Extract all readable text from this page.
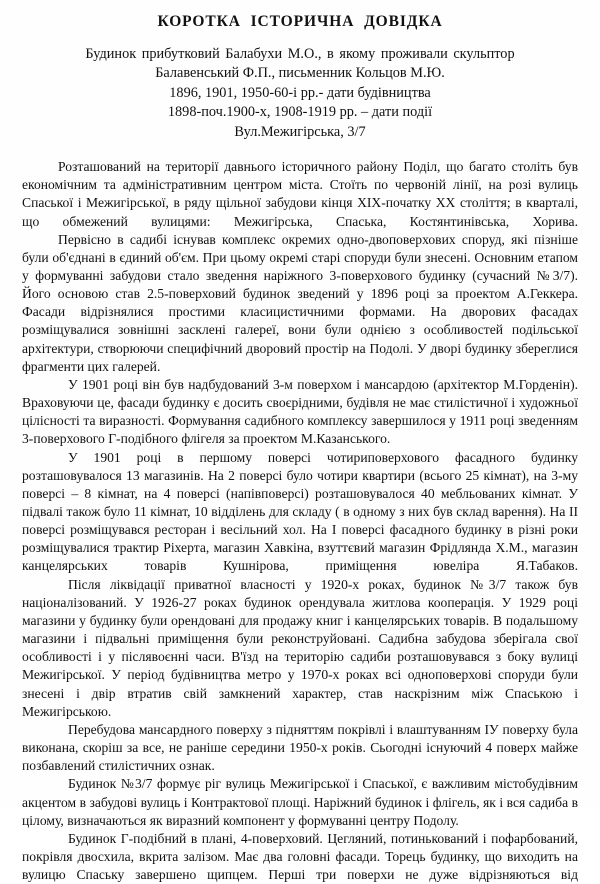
КОРОТКА ІСТОРИЧНА ДОВІДКА
Будинок прибутковий Балабухи М.О., в якому проживали скульптор
Балавенський Ф.П., письменник Кольцов М.Ю.
1896, 1901, 1950-60-і рр.- дати будівництва
1898-поч.1900-х, 1908-1919 рр. – дати події
Вул.Межигірська, 3/7

Розташований на території давнього історичного району Поділ, що багато століть був економічним та адміністративним центром міста. Стоїть по червоній лінії, на розі вулиць Спаської і Межигірської, в ряду щільної забудови кінця XIX-початку XX століття; в кварталі, що обмежений вулицями: Межигірська, Спаська, Костянтинівська, Хорива.

Первісно в садибі існував комплекс окремих одно-двоповерхових споруд, які пізніше були об'єднані в єдиний об'єм. При цьому окремі старі споруди були знесені. Основним етапом у формуванні забудови стало зведення наріжного 3-поверхового будинку (сучасний №3/7). Його основою став 2.5-поверховий будинок зведений у 1896 році за проектом А.Геккера. Фасади відрізнялися простими класицистичними формами. На дворових фасадах розміщувалися зовнішні засклені галереї, вони були однією з особливостей подільської архітектури, створюючи специфічний дворовий простір на Подолі. У дворі будинку збереглися фрагменти цих галерей.

У 1901 році він був надбудований 3-м поверхом і мансардою (архітектор М.Горденін). Враховуючи це, фасади будинку є досить своєрідними, будівля не має стилістичної і художньої цілісності та виразності. Формування садибного комплексу завершилося у 1911 році зведенням 3-поверхового Г-подібного флігеля за проектом М.Казанського.

У 1901 році в першому поверсі чотириповерхового фасадного будинку розташовувалося 13 магазинів. На 2 поверсі було чотири квартири (всього 25 кімнат), на 3-му поверсі – 8 кімнат, на 4 поверсі (напівповерсі) розташовувалося 40 мебльованих кімнат. У підвалі також було 11 кімнат, 10 відділень для складу ( в одному з них був склад варення). На II поверсі розміщувався ресторан і весільний хол. На I поверсі фасадного будинку в різні роки розміщувалися трактир Ріхерта, магазин Хавкіна, взуттєвий магазин Фрідлянда Х.М., магазин канцелярських товарів Кушнірова, приміщення ювеліра Я.Табаков.

Після ліквідації приватної власності у 1920-х роках, будинок №3/7 також був націоналізований. У 1926-27 роках будинок орендувала житлова кооперація. У 1929 році магазини у будинку були орендовані для продажу книг і канцелярських товарів. В подальшому магазини і підвальні приміщення були реконструйовані. Садибна забудова зберігала свої особливості і у післявоєнні часи. В'їзд на територію садиби розташовувався з боку вулиці Межигірської. У період будівництва метро у 1970-х роках всі одноповерхові споруди були знесені і двір втратив свій замкнений характер, став наскрізним між Спаською і Межигірською.

Перебудова мансардного поверху з підняттям покрівлі і влаштуванням IУ поверху була виконана, скоріш за все, не раніше середини 1950-х років. Сьогодні існуючий 4 поверх майже позбавлений стилістичних ознак.

Будинок №3/7 формує ріг вулиць Межигірської і Спаської, є важливим містобудівним акцентом в забудові вулиць і Контрактової площі. Наріжний будинок і флігель, як і вся садиба в цілому, визначаються як виразний компонент у формуванні центру Подолу.

Будинок Г-подібний в плані, 4-поверховий. Цегляний, потинькований і пофарбований, покрівля двосхила, вкрита залізом. Має два головні фасади. Торець будинку, що виходить на вулицю Спаську завершено щипцем. Перші три поверхи не дуже відрізняються від
